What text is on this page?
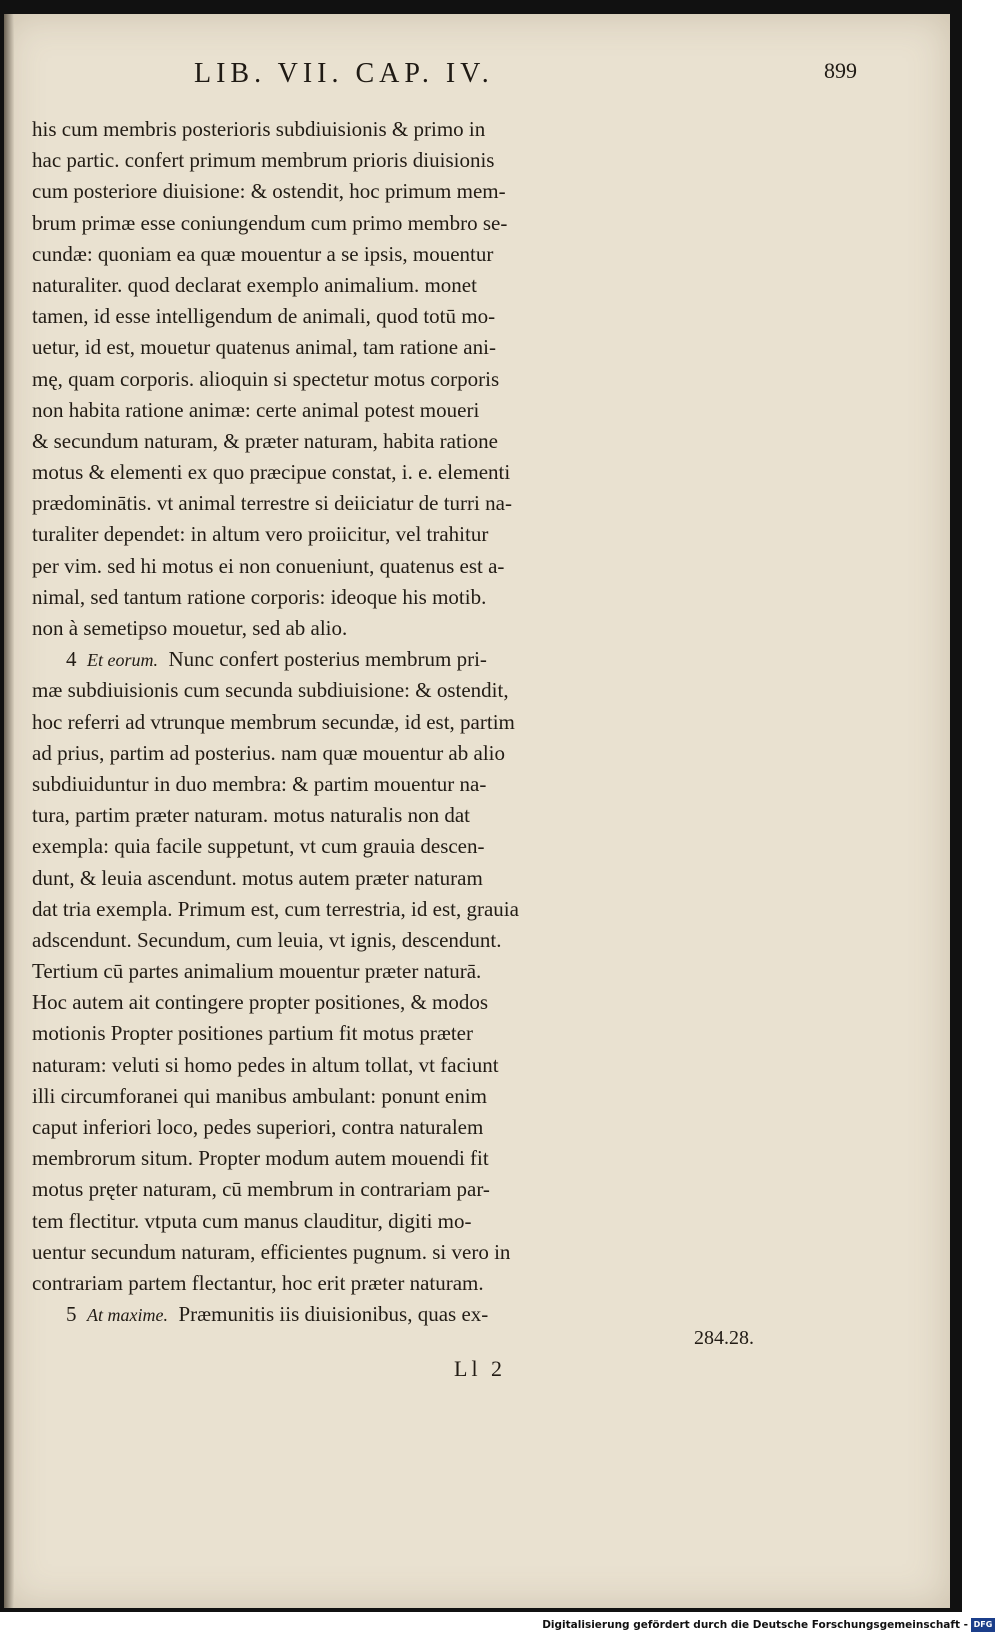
LIB. VII. CAP. IV.	899
his cum membris posterioris subdiuisionis & primo in
hac partic. confert primum membrum prioris diuisionis
cum posteriore diuisione: & ostendit, hoc primum mem-
brum primæ esse coniungendum cum primo membro se-
cundæ: quoniam ea quæ mouentur a se ipsis, mouentur
naturaliter. quod declarat exemplo animalium. monet
tamen, id esse intelligendum de animali, quod totū mo-
uetur, id est, mouetur quatenus animal, tam ratione ani-
mę, quam corporis. alioquin si spectetur motus corporis
non habita ratione animæ: certe animal potest moueri
& secundum naturam, & præter naturam, habita ratione
motus & elementi ex quo præcipue constat, i. e. elementi
prædominātis. vt animal terrestre si deiiciatur de turri na-
turaliter dependet: in altum vero proiicitur, vel trahitur
per vim. sed hi motus ei non conueniunt, quatenus est a-
nimal, sed tantum ratione corporis: ideoque his motib.
non à semetipso mouetur, sed ab alio.
4 Et eorum. Nunc confert posterius membrum pri-
mæ subdiuisionis cum secunda subdiuisione: & ostendit,
hoc referri ad vtrunque membrum secundæ, id est, partim
ad prius, partim ad posterius. nam quæ mouentur ab alio
subdiuiduntur in duo membra: & partim mouentur na-
tura, partim præter naturam. motus naturalis non dat
exempla: quia facile suppetunt, vt cum grauia descen-
dunt, & leuia ascendunt. motus autem præter naturam
dat tria exempla. Primum est, cum terrestria, id est, grauia
adscendunt. Secundum, cum leuia, vt ignis, descendunt.
Tertium cū partes animalium mouentur præter naturā.
Hoc autem ait contingere propter positiones, & modos
motionis Propter positiones partium fit motus præter
naturam: veluti si homo pedes in altum tollat, vt faciunt
illi circumforanei qui manibus ambulant: ponunt enim
caput inferiori loco, pedes superiori, contra naturalem
membrorum situm. Propter modum autem mouendi fit
motus pręter naturam, cū membrum in contrariam par-
tem flectitur. vtputa cum manus clauditur, digiti mo-
uentur secundum naturam, efficientes pugnum. si vero in
contrariam partem flectantur, hoc erit præter naturam.
5 At maxime. Præmunitis iis diuisionibus, quas ex-
284.28.
Ll 2
Digitalisierung gefördert durch die Deutsche Forschungsgemeinschaft - DFG
